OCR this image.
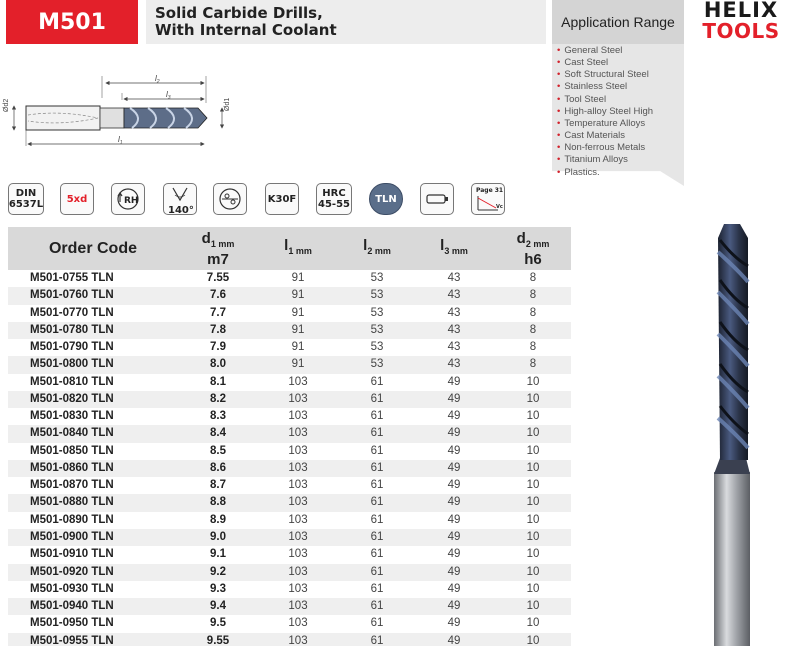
M501	Solid Carbide Drills,
With Internal Coolant	Application Range
• General Steel
• Cast Steel
• Soft Structural Steel
• Stainless Steel
• Tool Steel
• High-alloy Steel High
• Temperature Alloys
• Cast Materials
• Non-ferrous Metals
• Titanium Alloys
• Plastics.
HELIX
TOOLS
$l_2$
$l_3$
$l_1$
Ød2	Ød1
DIN
6537L	5xd	RH
140°
K30F	HRC
45-55	TLN
Page 31
Vc
Order Code
$d_{1 mm}$
m7
$l_{1 mm}$	$l_{2 mm}$	$l_{3 mm}$
$d_{2 mm}$
h6
M501-0755 TLN	7.55	91	53	43	8
M501-0760 TLN	7.6	91	53	43	8
M501-0770 TLN	7.7	91	53	43	8
M501-0780 TLN	7.8	91	53	43	8
M501-0790 TLN	7.9	91	53	43	8
M501-0800 TLN	8.0	91	53	43	8
M501-0810 TLN	8.1	103	61	49	10
M501-0820 TLN	8.2	103	61	49	10
M501-0830 TLN	8.3	103	61	49	10
M501-0840 TLN	8.4	103	61	49	10
M501-0850 TLN	8.5	103	61	49	10
M501-0860 TLN	8.6	103	61	49	10
M501-0870 TLN	8.7	103	61	49	10
M501-0880 TLN	8.8	103	61	49	10
M501-0890 TLN	8.9	103	61	49	10
M501-0900 TLN	9.0	103	61	49	10
M501-0910 TLN	9.1	103	61	49	10
M501-0920 TLN	9.2	103	61	49	10
M501-0930 TLN	9.3	103	61	49	10
M501-0940 TLN	9.4	103	61	49	10
M501-0950 TLN	9.5	103	61	49	10
M501-0955 TLN	9.55	103	61	49	10
